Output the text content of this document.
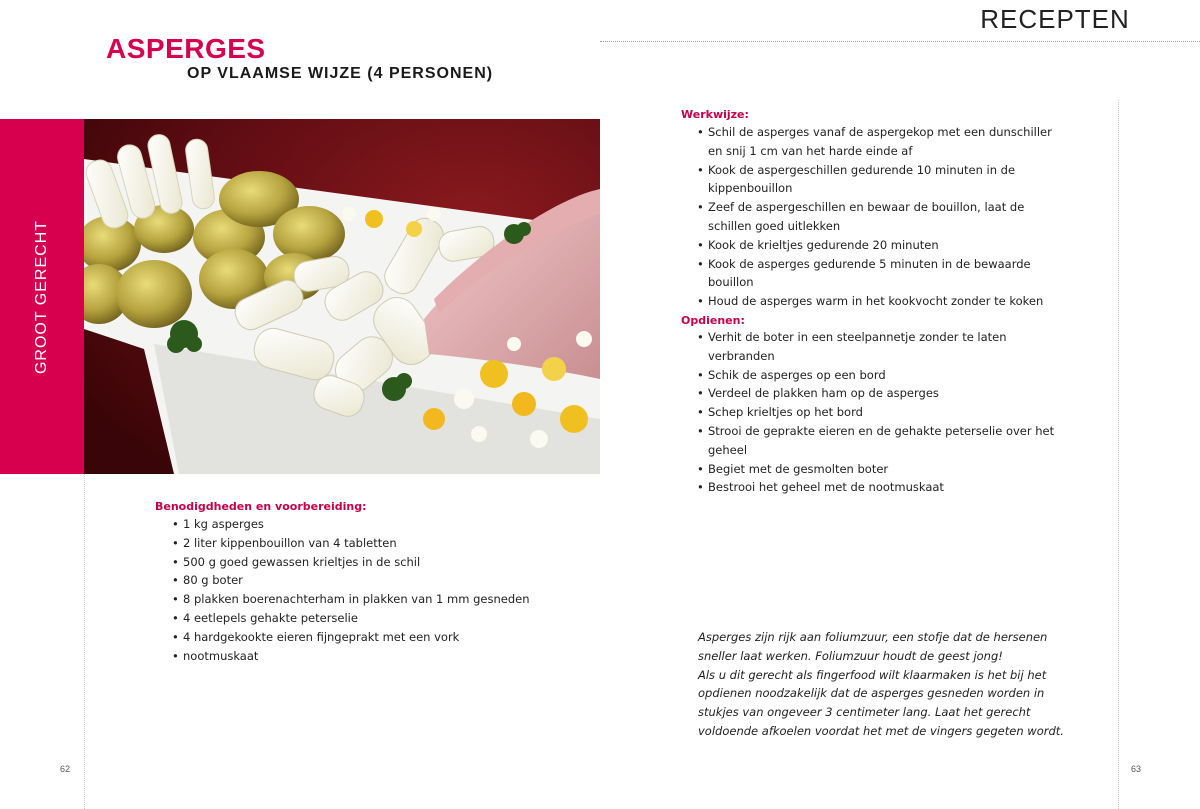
RECEPTEN
ASPERGES
OP VLAAMSE WIJZE (4 PERSONEN)
GROOT GERECHT
Benodigdheden en voorbereiding:
• 1 kg asperges
• 2 liter kippenbouillon van 4 tabletten
• 500 g goed gewassen krieltjes in de schil
• 80 g boter
• 8 plakken boerenachterham in plakken van 1 mm gesneden
• 4 eetlepels gehakte peterselie
• 4 hardgekookte eieren fijngeprakt met een vork
• nootmuskaat
Werkwijze:
• Schil de asperges vanaf de aspergekop met een dunschiller en snij 1 cm van het harde einde af
• Kook de aspergeschillen gedurende 10 minuten in de kippenbouillon
• Zeef de aspergeschillen en bewaar de bouillon, laat de schillen goed uitlekken
• Kook de krieltjes gedurende 20 minuten
• Kook de asperges gedurende 5 minuten in de bewaarde bouillon
• Houd de asperges warm in het kookvocht zonder te koken
Opdienen:
• Verhit de boter in een steelpannetje zonder te laten verbranden
• Schik de asperges op een bord
• Verdeel de plakken ham op de asperges
• Schep krieltjes op het bord
• Strooi de geprakte eieren en de gehakte peterselie over het geheel
• Begiet met de gesmolten boter
• Bestrooi het geheel met de nootmuskaat

Asperges zijn rijk aan foliumzuur, een stofje dat de hersenen sneller laat werken. Foliumzuur houdt de geest jong!

Als u dit gerecht als fingerfood wilt klaarmaken is het bij het opdienen noodzakelijk dat de asperges gesneden worden in stukjes van ongeveer 3 centimeter lang. Laat het gerecht voldoende afkoelen voordat het met de vingers gegeten wordt.

62	63
